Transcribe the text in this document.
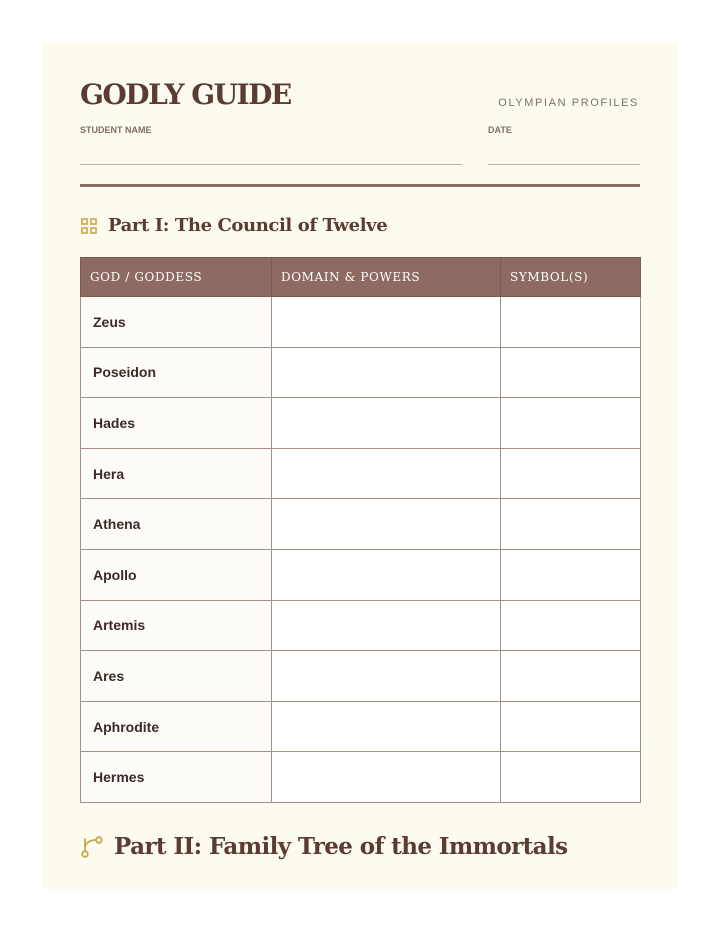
GODLY GUIDE	OLYMPIAN PROFILES
STUDENT NAME	DATE
Part I: The Council of Twelve
GOD / GODDESS	DOMAIN & POWERS	SYMBOL(S)
Zeus		
Poseidon		
Hades		
Hera		
Athena		
Apollo		
Artemis		
Ares		
Aphrodite		
Hermes		
Part II: Family Tree of the Immortals
